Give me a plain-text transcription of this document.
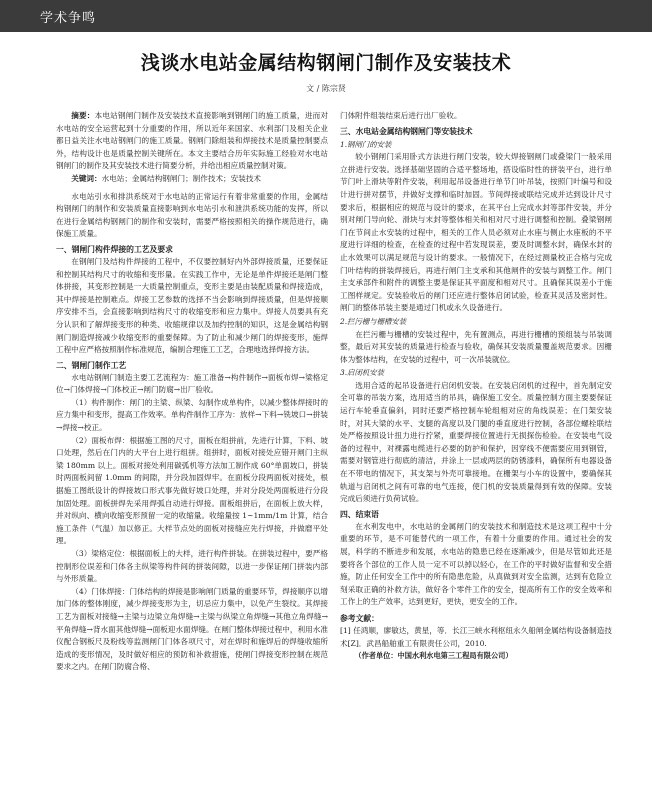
学术争鸣
浅谈水电站金属结构钢闸门制作及安装技术
文 / 陈宗贤

摘要：本电站钢闸门制作及安装技术直接影响到钢闸门的施工质量，进而对水电站的安全运营起到十分重要的作用，所以近年来国家、水利部门及相关企业都日益关注水电站钢闸门的施工质量。钢闸门除组装和焊接技术是质量控制要点外，结构设计也是质量控制关键所在。本文主要结合历年实际施工经验对水电站钢闸门的制作及其安装技术进行简要分析，并给出相应质量控制对策。

关键词：水电站；金属结构钢闸门；制作技术；安装技术

水电站引水和排洪系统对于水电站的正常运行有着非常重要的作用，金属结构钢闸门的制作和安装质量直接影响到水电站引水和泄洪系统功能的发挥，所以在进行金属结构钢闸门的制作和安装时，需要严格按照相关的操作规范进行，确保施工质量。

一、钢闸门构件焊接的工艺及要求

在钢闸门及结构件焊接的工程中，不仅要控制好内外部焊接质量，还要保证和控制其结构尺寸的收缩和变形量。在实践工作中，无论是单件焊接还是闸门整体拼接，其变形控制是一大质量控制重点，变形主要是由装配质量和焊接造成，其中焊接是控制难点。焊接工艺参数的选择不当会影响到焊接质量，但是焊接顺序安排不当，会直接影响到结构尺寸的收缩变形和应力集中。焊接人员要具有充分认识和了解焊接变形的种类、收缩规律以及加约控制的知识，这是金属结构钢闸门制造焊接减少收缩变形的重要保障。为了防止和减少闸门的焊接变形，施焊工程中应严格按照制作标准规范，编制合理施工工艺，合理地选择焊接方法。

二、钢闸门制作工艺

水电站钢闸门制造主要工艺流程为：施工准备→构件制作→面板布焊→梁格定位→门体焊接→门体校正→闸门防腐→出厂验收。

（1）构件制作：闸门的主梁、纵梁、勾制作成单构件，以减少整体焊接时的应力集中和变形，提高工作效率。单构件制作工序为：放样→下料→铣坡口→拼装→焊接→校正。

（2）面板布焊：根据施工图的尺寸，面板在组拼前，先进行计算，下料、坡口处理，然后在门内的大平台上进行组拼。组拼时，面板对接处应错开闸门主纵梁 180mm 以上。面板对接处利用碳弧机等方法加工制作成 60°单面坡口，拼装时两面板间留 1.0mm 的间隙，并分段加固焊牢。在面板分段两面板对接处，根据施工图纸设计的焊接坡口形式事先做好坡口处理，并对分段处两面板进行分段加固处理。面板拼焊先采用焊弧自动进行焊接。面板组拼后，在面板上放大样，并对纵向、横向收缩变形预留一定的收缩量。收缩量按 1~1mm/1m 计算，结合施工条件（气温）加以修正。大样节点处的面板对接缝应先行焊接，并做磨平处理。

（3）梁格定位：根据面板上的大样，进行构件拼装。在拼装过程中，要严格控制形位误差和门体各主纵梁等构件间的拼装间隙，以进一步保证闸门拼装内部与外形质量。

（4）门体焊接：门体结构的焊接是影响闸门质量的重要环节，焊接顺序以增加门体的整体刚度，减少焊接变形为主，切忌应力集中，以免产生裂纹。其焊接工艺为面板对接缝→主梁与边梁立角焊缝→主梁与纵梁立角焊缝→其他立角焊缝→平角焊缝→背水面其他焊缝→面板迎水面焊缝。在闸门整体焊接过程中，利用水准仪配合钢板尺及粉线等监测闸门门体各项尺寸，对在焊时和施焊后的焊缝收缩所造成的变形情况，及时做好相应的预防和补救措施，使闸门焊接变形控制在规范要求之内。在闸门防腐合格、

门体附件组装结束后进行出厂验收。

三、水电站金属结构钢闸门等安装技术
1.钢闸门的安装

较小钢闸门采用卧式方法进行闸门安装，较大焊接钢闸门或叠梁门一般采用立拼进行安装。选择基础坚固的合适平整场地，搭设临时性的拼装平台，进行单节门叶上滑块等附件安装，利用起吊设备进行单节门叶吊装，按照门叶编号和设计进行拼对摆节，并做好支撑和临时加固。节间焊接或联结完成并达到设计尺寸要求后，根据相应的规范与设计的要求，在其平台上完成水封等部件安装，并分别对闸门导向轮、滑块与末封等整体相关和相对尺寸进行调整和控制。叠梁钢闸门在节间止水安装的过程中，相关的工作人员必须对止水座与侧止水座板的不平度进行详细的检查，在检查的过程中若发现误差，要及时调整水封，确保水封的止水效果可以满足规范与设计的要求。一般情况下，在经过测量校正合格与完成门叶结构的拼装焊接后，再进行闸门主支承和其他闸件的安装与调整工作。闸门主支承部件和附件的调整主要是保证其平面度和相对尺寸。且确保其误差小于施工图样规定。安装验收后的闸门还应进行整体启闭试验，检查其灵活及密封性。闸门的整体吊装主要是通过门机或永久设备进行。

2.拦污栅与栅槽安装

在拦污栅与栅槽的安装过程中，先有置测点，再进行栅槽的预组装与吊装调整，最后对其安装的质量进行检查与验收，确保其安装质量覆盖规范要求。因栅体为整体结构，在安装的过程中，可一次吊装就位。

3.启闭机安装

选用合适的起吊设备进行启闭机安装。在安装启闭机的过程中，首先制定安全可靠的吊装方案，选用适当的吊具，确保施工安全。质量控制方面主要要保证运行车轮垂直偏斜，同时还要严格控制车轮组相对应的角线误差；在门架安装时，对其大梁的水平、支腿的高度以及门腿的垂直度进行控制，各部位螺栓联结处严格按照设计扭力进行拧紧，重要焊接位置进行无损探伤检验。在安装电气设备的过程中，对裸露电缆进行必要的防护和保护，因穿线不便需要应用到钢管，需要对钢管进行彻底的清洁，并涂上一层或两层的防锈漆料，确保所有电器设备在不带电的情况下，其支架与外壳可靠接地。在栅架与小车的设置中，要确保其轨道与启闭机之间有可靠的电气连接，使门机的安装质量得到有效的保障。安装完成后须进行负荷试验。

四、结束语

在水利发电中，水电站的金属闸门的安装技术和制造技术是这项工程中十分重要的环节，是不可能替代的一项工作，有着十分重要的作用。通过社会的发展，科学的不断进步和发展，水电站的隐患已经在逐渐减少，但是尽管如此还是要将各个部位的工作人员一定不可以掉以轻心，在工作的平时做好监督和安全措施，防止任何安全工作中的所有隐患危险，从真做到对安全监测，达到有危险立刻采取正确的补救方法，做好各个零件工作的安全，提高所有工作的安全效率和工作上的生产效率，达到更好，更快，更安全的工作。

参考文献：

[1] 任鸿顺，廖敏达，黄星，等．长江三峡水利枢纽永久船闸金属结构设备制造技术[Z]．武昌船舶重工有限责任公司，2010.

（作者单位：中国水利水电第三工程局有限公司）
